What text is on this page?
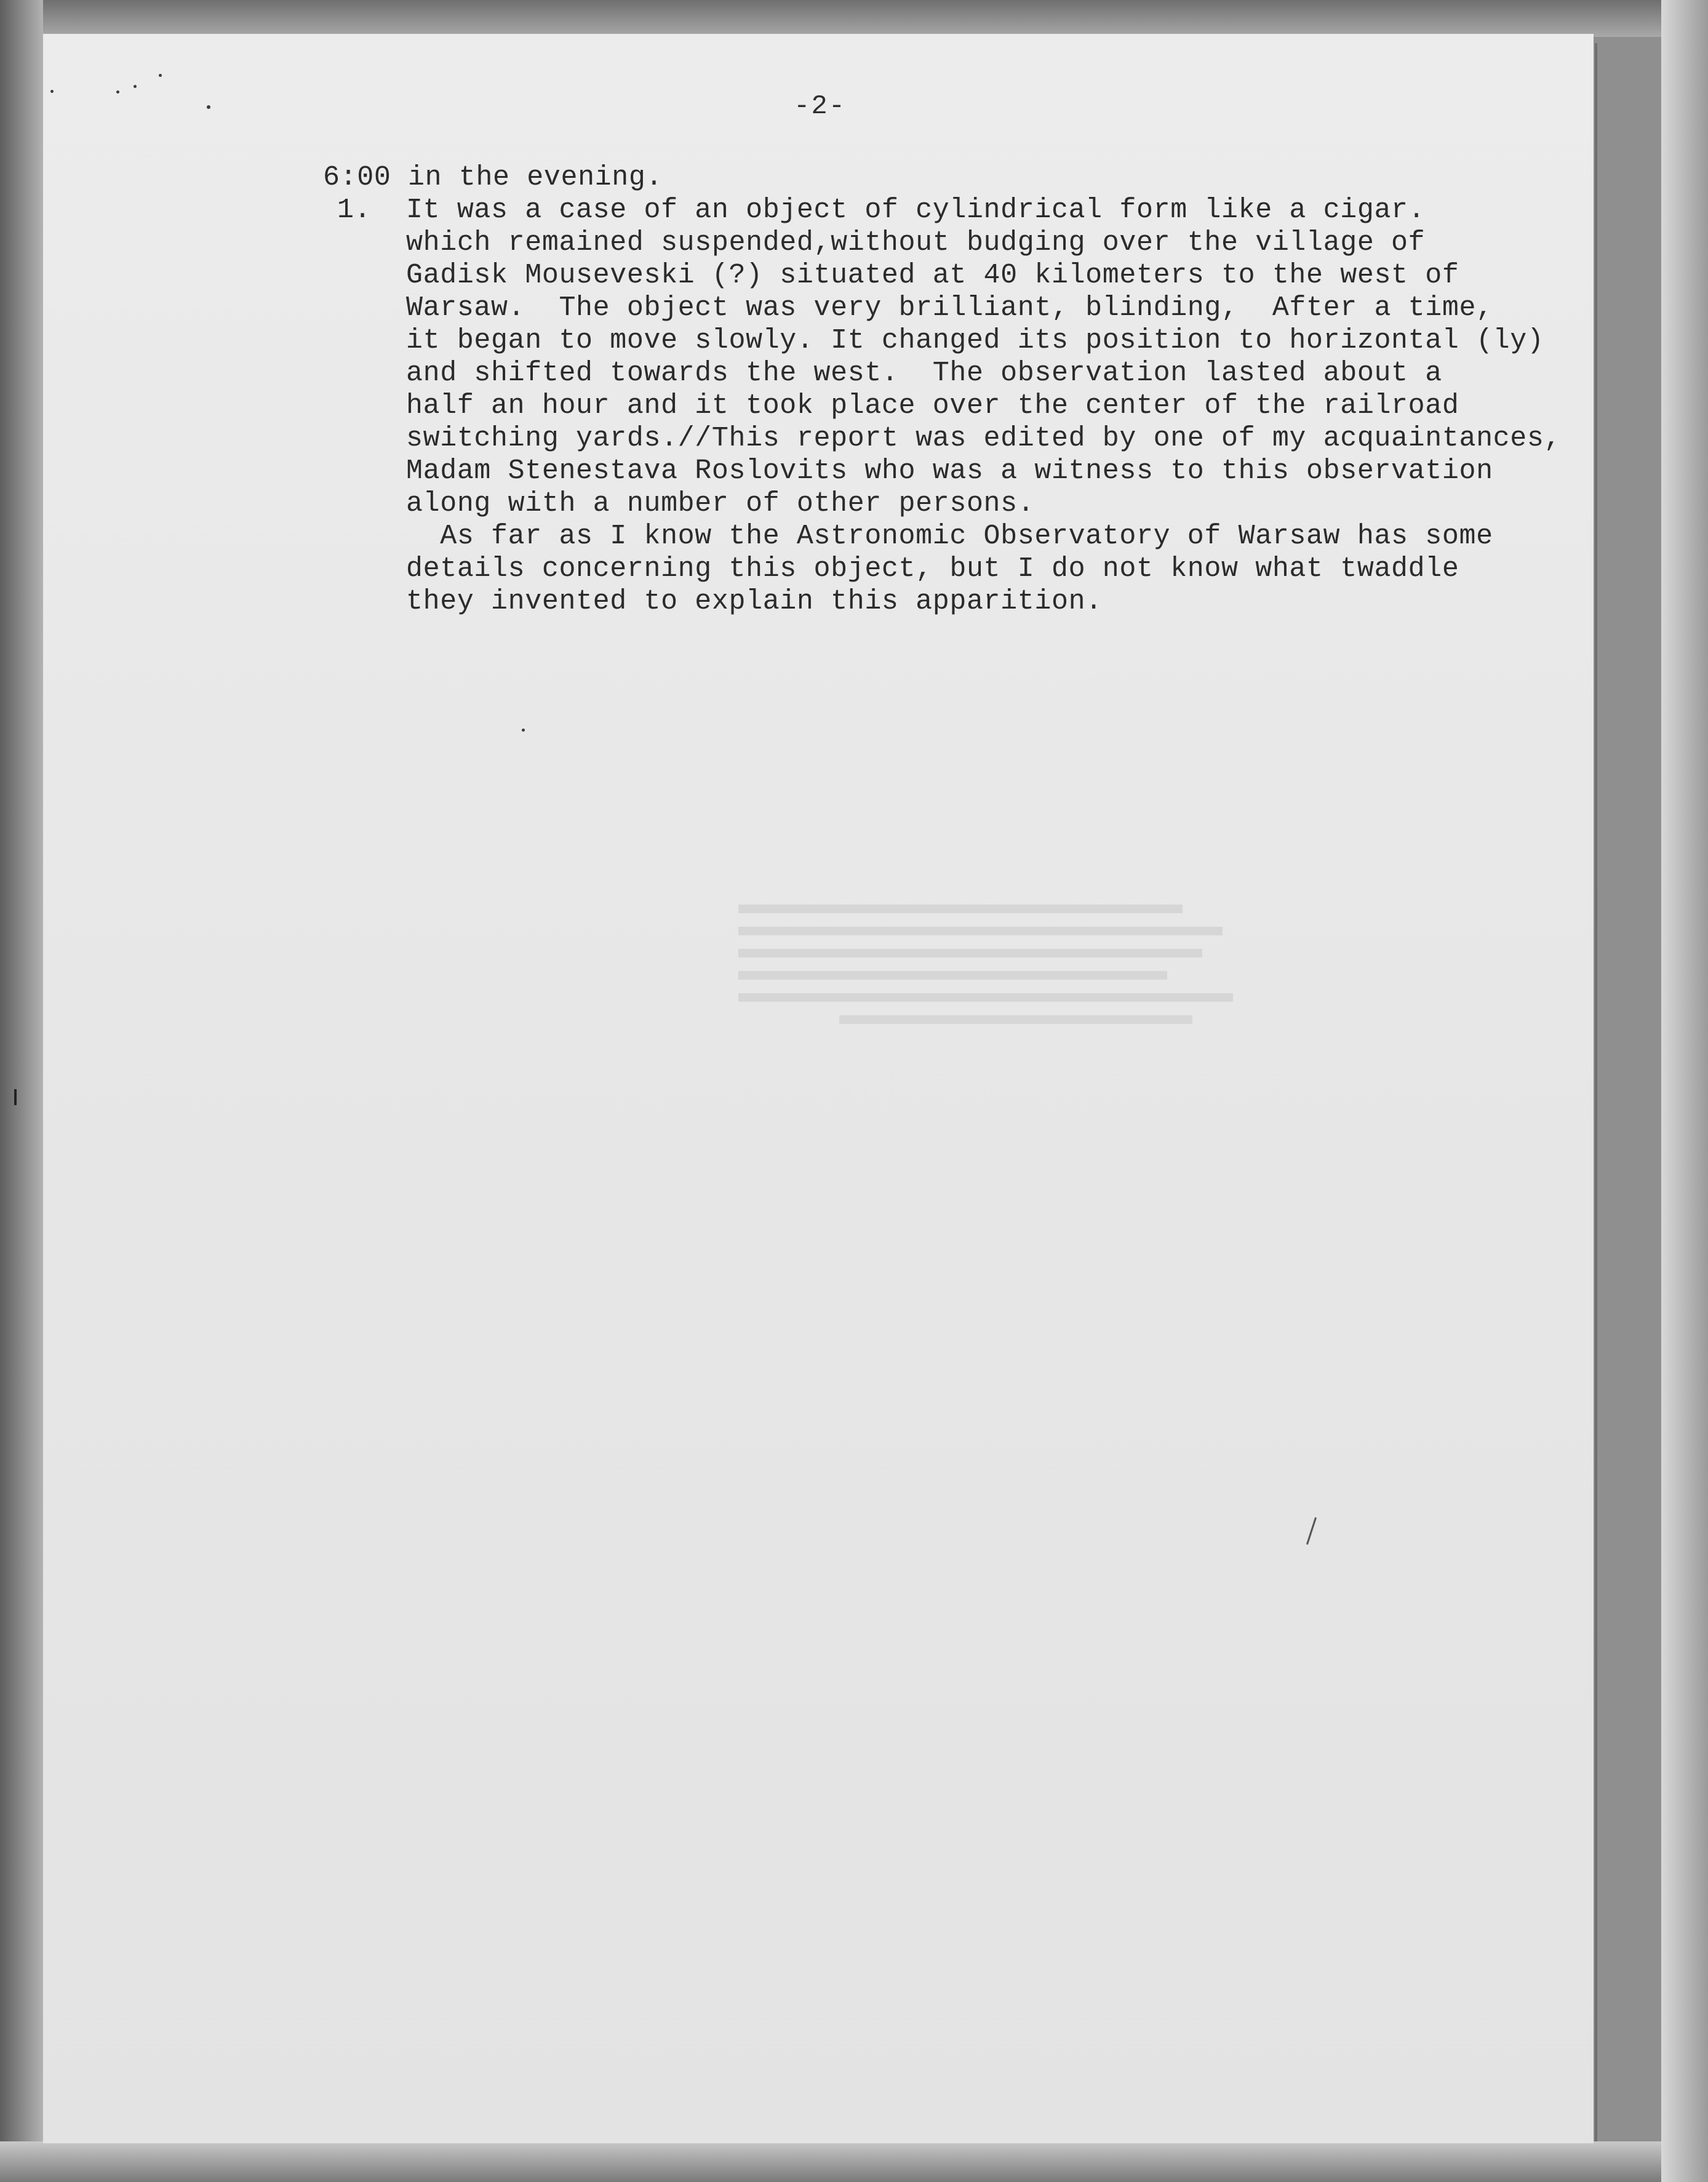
-2-
6:00 in the evening.
1. It was a case of an object of cylindrical form like a cigar.
which remained suspended,without budging over the village of
Gadisk Mouseveski (?) situated at 40 kilometers to the west of
Warsaw.  The object was very brilliant, blinding,  After a time,
it began to move slowly. It changed its position to horizontal (ly)
and shifted towards the west.  The observation lasted about a
half an hour and it took place over the center of the railroad
switching yards.//This report was edited by one of my acquaintances,
Madam Stenestava Roslovits who was a witness to this observation
along with a number of other persons.
As far as I know the Astronomic Observatory of Warsaw has some
details concerning this object, but I do not know what twaddle
they invented to explain this apparition.
